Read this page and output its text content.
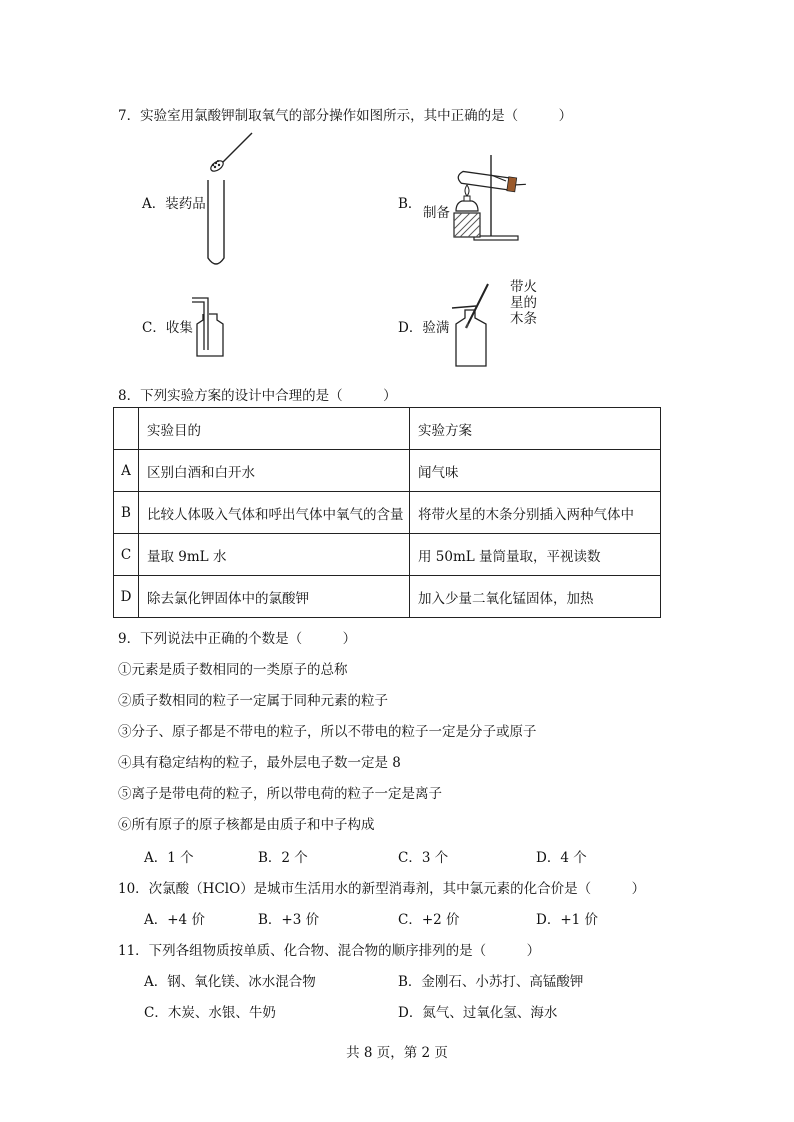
7．实验室用氯酸钾制取氧气的部分操作如图所示，其中正确的是（　　　）
A．装药品	B．
制备
C．收集	D．验满
带火
星的
木条
8．下列实验方案的设计中合理的是（　　　）
	实验目的	实验方案
A	区别白酒和白开水	闻气味
B	比较人体吸入气体和呼出气体中氧气的含量	将带火星的木条分别插入两种气体中
C	量取 9mL 水	用 50mL 量筒量取，平视读数
D	除去氯化钾固体中的氯酸钾	加入少量二氧化锰固体，加热
9．下列说法中正确的个数是（　　　）
①元素是质子数相同的一类原子的总称
②质子数相同的粒子一定属于同种元素的粒子
③分子、原子都是不带电的粒子，所以不带电的粒子一定是分子或原子
④具有稳定结构的粒子，最外层电子数一定是 8
⑤离子是带电荷的粒子，所以带电荷的粒子一定是离子
⑥所有原子的原子核都是由质子和中子构成
A．1 个	B．2 个	C．3 个	D．4 个
10．次氯酸（HClO）是城市生活用水的新型消毒剂，其中氯元素的化合价是（　　　）
A．+4 价	B．+3 价	C．+2 价	D．+1 价
11．下列各组物质按单质、化合物、混合物的顺序排列的是（　　　）
A．钢、氧化镁、冰水混合物	B．金刚石、小苏打、高锰酸钾
C．木炭、水银、牛奶	D．氮气、过氧化氢、海水
共 8 页，第 2 页
